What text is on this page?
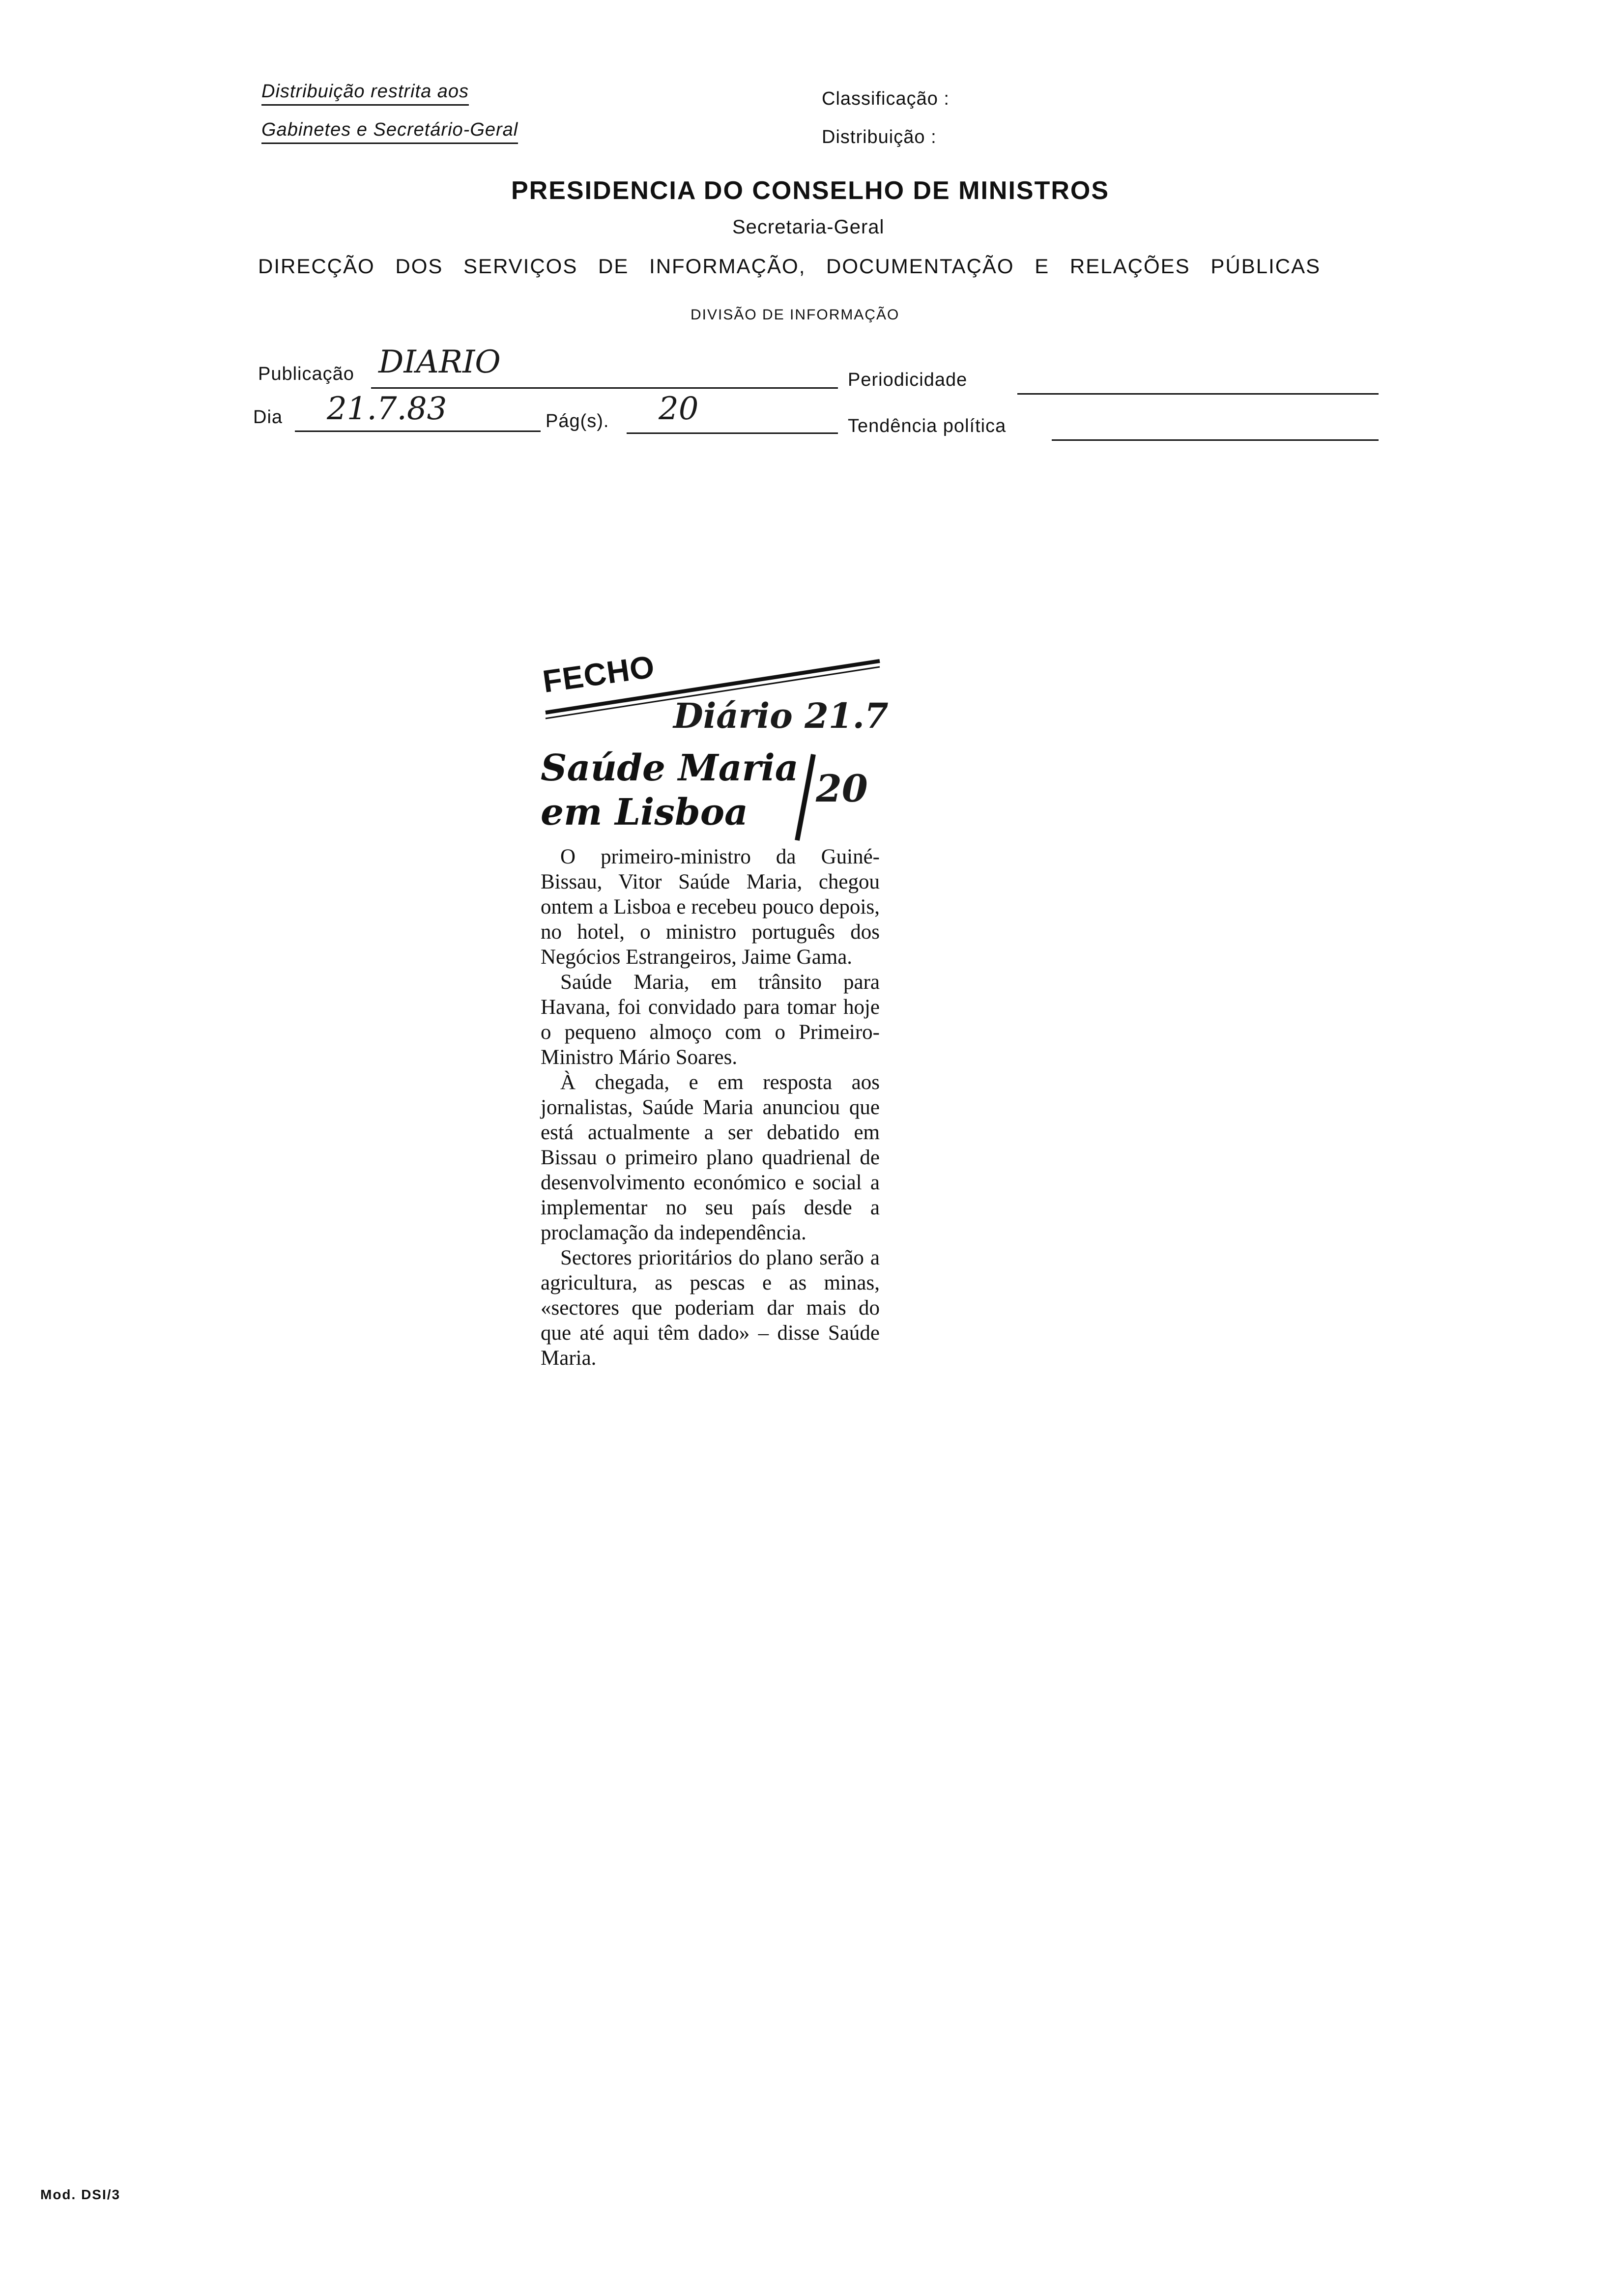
Distribuição restrita aos
Gabinetes e Secretário-Geral
Classificação :
Distribuição :
PRESIDENCIA DO CONSELHO DE MINISTROS
Secretaria-Geral
DIRECÇÃO DOS SERVIÇOS DE INFORMAÇÃO, DOCUMENTAÇÃO E RELAÇÕES PÚBLICAS
DIVISÃO DE INFORMAÇÃO
Publicação DIARIO	Periodicidade
Dia 21.7.83	Pág(s). 20	Tendência política
FECHO
Diário 21.7
Saúde Maria
em Lisboa
20

O primeiro-ministro da Guiné-Bissau, Vitor Saúde Maria, chegou ontem a Lisboa e recebeu pouco depois, no hotel, o ministro português dos Negócios Estrangeiros, Jaime Gama.

Saúde Maria, em trânsito para Havana, foi convidado para tomar hoje o pequeno almoço com o Primeiro-Ministro Mário Soares.

À chegada, e em resposta aos jornalistas, Saúde Maria anunciou que está actualmente a ser debatido em Bissau o primeiro plano quadrienal de desenvolvimento económico e social a implementar no seu país desde a proclamação da independência.

Sectores prioritários do plano serão a agricultura, as pescas e as minas, «sectores que poderiam dar mais do que até aqui têm dado» – disse Saúde Maria.

Mod. DSI/3
